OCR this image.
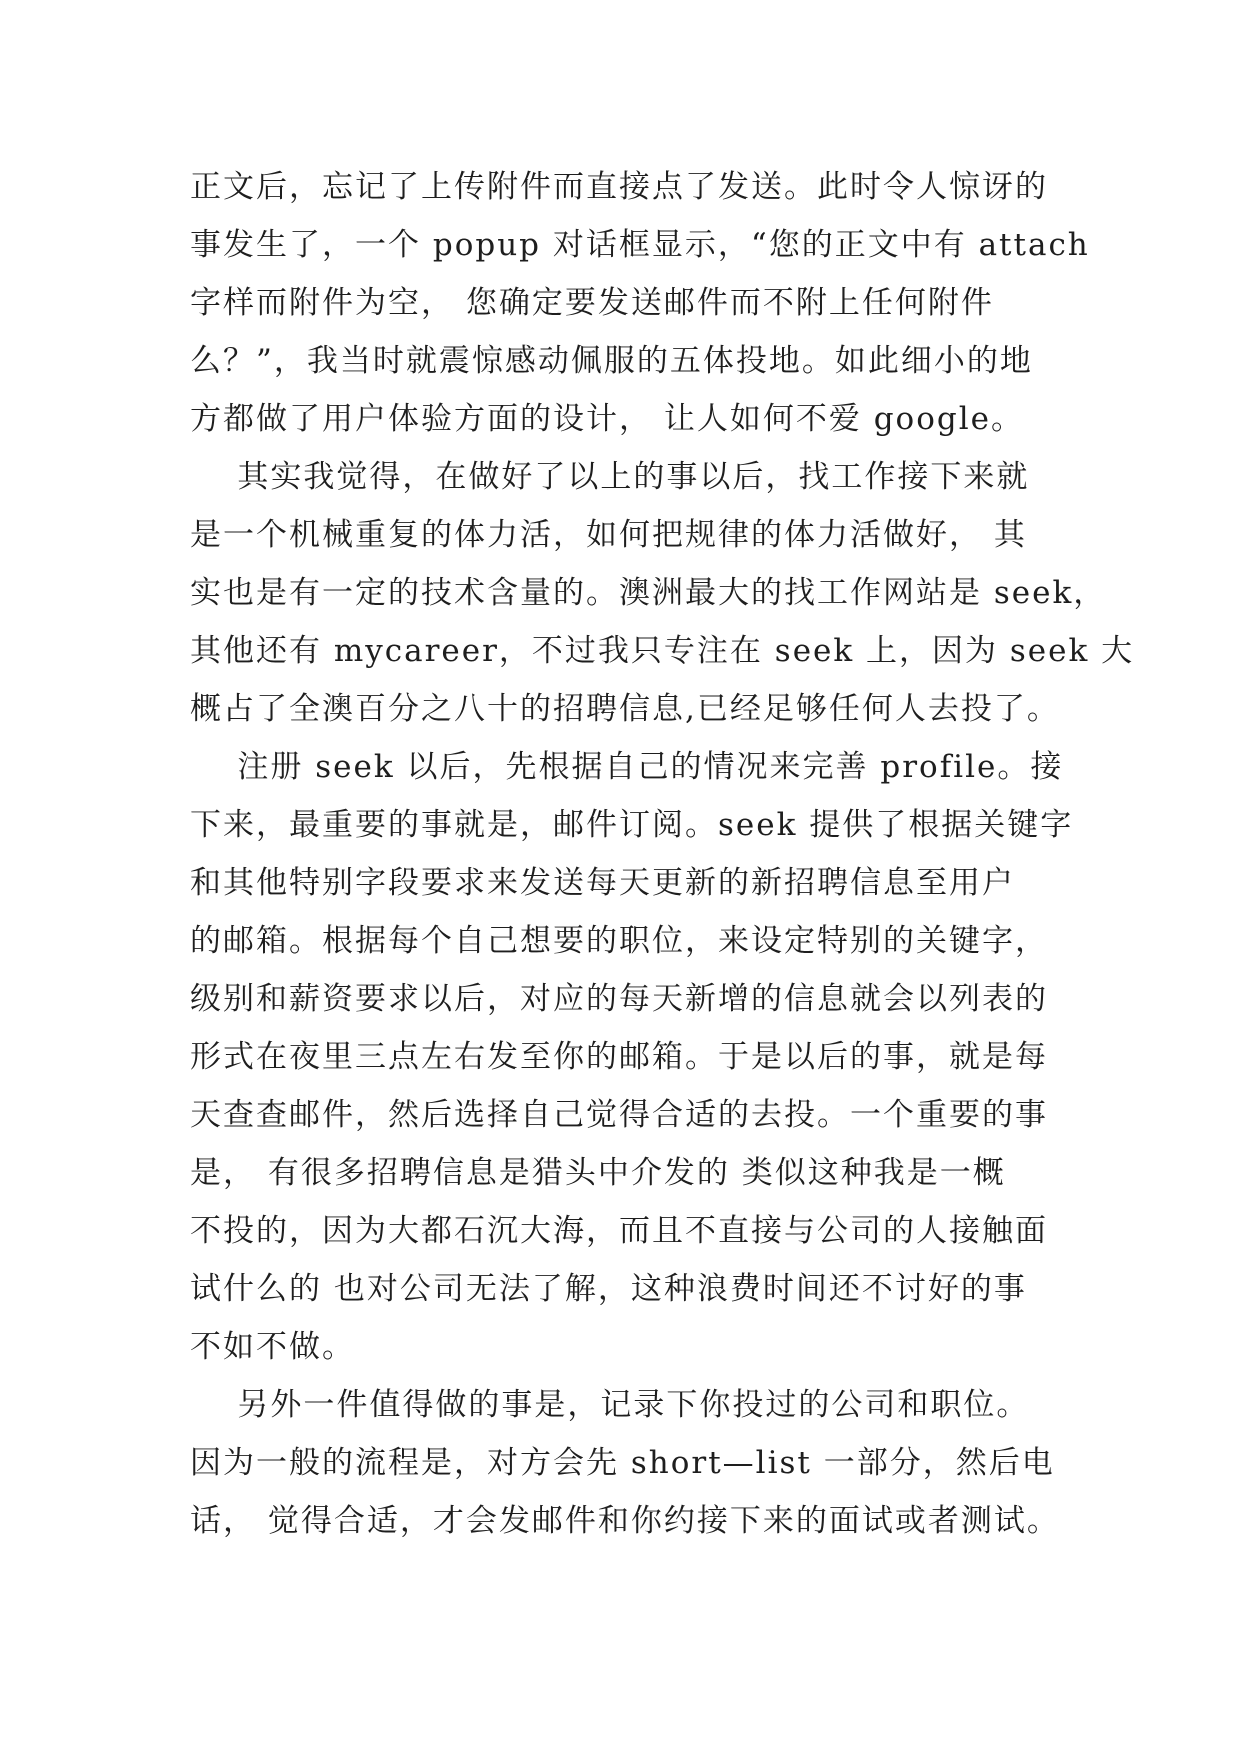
正文后，忘记了上传附件而直接点了发送。此时令人惊讶的
事发生了，一个 popup 对话框显示，“您的正文中有 attach
字样而附件为空， 您确定要发送邮件而不附上任何附件
么？”，我当时就震惊感动佩服的五体投地。如此细小的地
方都做了用户体验方面的设计， 让人如何不爱 google。
其实我觉得，在做好了以上的事以后，找工作接下来就
是一个机械重复的体力活，如何把规律的体力活做好， 其
实也是有一定的技术含量的。澳洲最大的找工作网站是 seek，
其他还有 mycareer，不过我只专注在 seek 上，因为 seek 大
概占了全澳百分之八十的招聘信息,已经足够任何人去投了。
注册 seek 以后，先根据自己的情况来完善 profile。接
下来，最重要的事就是，邮件订阅。seek 提供了根据关键字
和其他特别字段要求来发送每天更新的新招聘信息至用户
的邮箱。根据每个自己想要的职位，来设定特别的关键字，
级别和薪资要求以后，对应的每天新增的信息就会以列表的
形式在夜里三点左右发至你的邮箱。于是以后的事，就是每
天查查邮件，然后选择自己觉得合适的去投。一个重要的事
是， 有很多招聘信息是猎头中介发的 类似这种我是一概
不投的，因为大都石沉大海，而且不直接与公司的人接触面
试什么的 也对公司无法了解，这种浪费时间还不讨好的事
不如不做。
另外一件值得做的事是，记录下你投过的公司和职位。
因为一般的流程是，对方会先 short—list 一部分，然后电
话， 觉得合适，才会发邮件和你约接下来的面试或者测试。
